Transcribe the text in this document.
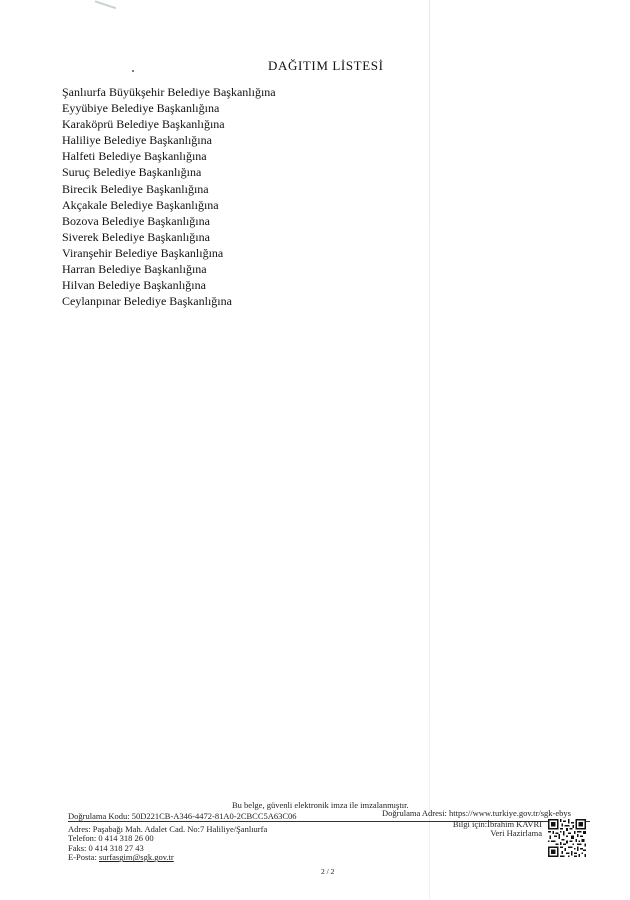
DAĞITIM LİSTESİ
Şanlıurfa Büyükşehir Belediye Başkanlığına
Eyyübiye Belediye Başkanlığına
Karaköprü Belediye Başkanlığına
Haliliye Belediye Başkanlığına
Halfeti Belediye Başkanlığına
Suruç Belediye Başkanlığına
Birecik Belediye Başkanlığına
Akçakale Belediye Başkanlığına
Bozova Belediye Başkanlığına
Siverek Belediye Başkanlığına
Viranşehir Belediye Başkanlığına
Harran Belediye Başkanlığına
Hilvan Belediye Başkanlığına
Ceylanpınar Belediye Başkanlığına
Bu belge, güvenli elektronik imza ile imzalanmıştır.
Doğrulama Kodu: 50D221CB-A346-4472-81A0-2CBCC5A63C06	Doğrulama Adresi: https://www.turkiye.gov.tr/sgk-ebys
Adres: Paşabağı Mah. Adalet Cad. No:7 Haliliye/Şanlıurfa
Telefon: 0 414 318 26 00
Faks: 0 414 318 27 43
E-Posta: surfasgim@sgk.gov.tr
Bilgi için:İbrahim KAVRI
Veri Hazirlama
2 / 2
